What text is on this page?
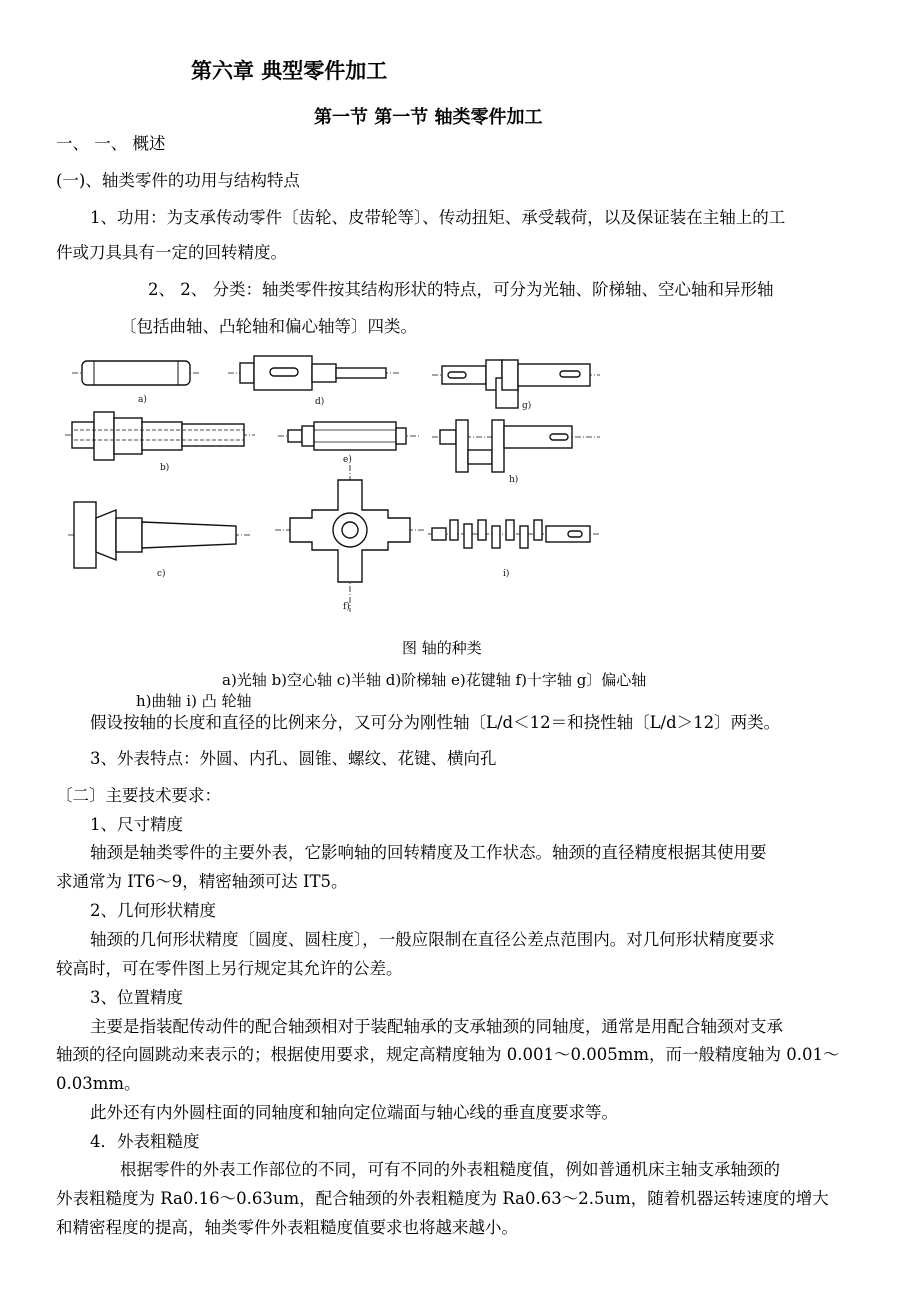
第六章 典型零件加工
第一节 第一节 轴类零件加工
一、 一、 概述
(一)、轴类零件的功用与结构特点
1、功用：为支承传动零件〔齿轮、皮带轮等〕、传动扭矩、承受载荷，以及保证装在主轴上的工
件或刀具具有一定的回转精度。
2、 2、 分类：轴类零件按其结构形状的特点，可分为光轴、阶梯轴、空心轴和异形轴
〔包括曲轴、凸轮轴和偏心轴等〕四类。
b)
a)	d)	g)
e)
h)
c)
f)
i)
图 轴的种类
a)光轴 b)空心轴 c)半轴 d)阶梯轴 e)花键轴 f)十字轴 g〕偏心轴
h)曲轴 i) 凸 轮轴
假设按轴的长度和直径的比例来分，又可分为刚性轴〔L/d＜12＝和挠性轴〔L/d＞12〕两类。
3、外表特点：外圆、内孔、圆锥、螺纹、花键、横向孔
〔二〕主要技术要求：
1、尺寸精度
轴颈是轴类零件的主要外表，它影响轴的回转精度及工作状态。轴颈的直径精度根据其使用要
求通常为 IT6～9，精密轴颈可达 IT5。
2、几何形状精度
轴颈的几何形状精度〔圆度、圆柱度〕，一般应限制在直径公差点范围内。对几何形状精度要求
较高时，可在零件图上另行规定其允许的公差。
3、位置精度
主要是指装配传动件的配合轴颈相对于装配轴承的支承轴颈的同轴度，通常是用配合轴颈对支承
轴颈的径向圆跳动来表示的；根据使用要求，规定高精度轴为 0.001～0.005mm，而一般精度轴为 0.01～
0.03mm。
此外还有内外圆柱面的同轴度和轴向定位端面与轴心线的垂直度要求等。
4．外表粗糙度
根据零件的外表工作部位的不同，可有不同的外表粗糙度值，例如普通机床主轴支承轴颈的
外表粗糙度为 Ra0.16～0.63um，配合轴颈的外表粗糙度为 Ra0.63～2.5um，随着机器运转速度的增大
和精密程度的提高，轴类零件外表粗糙度值要求也将越来越小。
